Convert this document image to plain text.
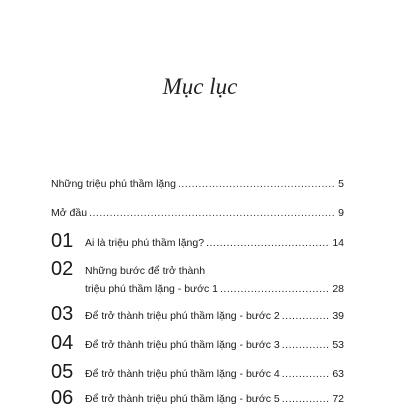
Mục lục
Những triệu phú thầm lặng .....	5
Mở đầu .....	9
01 Ai là triệu phú thầm lặng? .....	14
02 Những bước để trở thành
triệu phú thầm lặng - bước 1 .....	28
03 Để trở thành triệu phú thầm lặng - bước 2 .....	39
04 Để trở thành triệu phú thầm lặng - bước 3 .....	53
05 Để trở thành triệu phú thầm lặng - bước 4 .....	63
06 Để trở thành triệu phú thầm lặng - bước 5 .....	72
